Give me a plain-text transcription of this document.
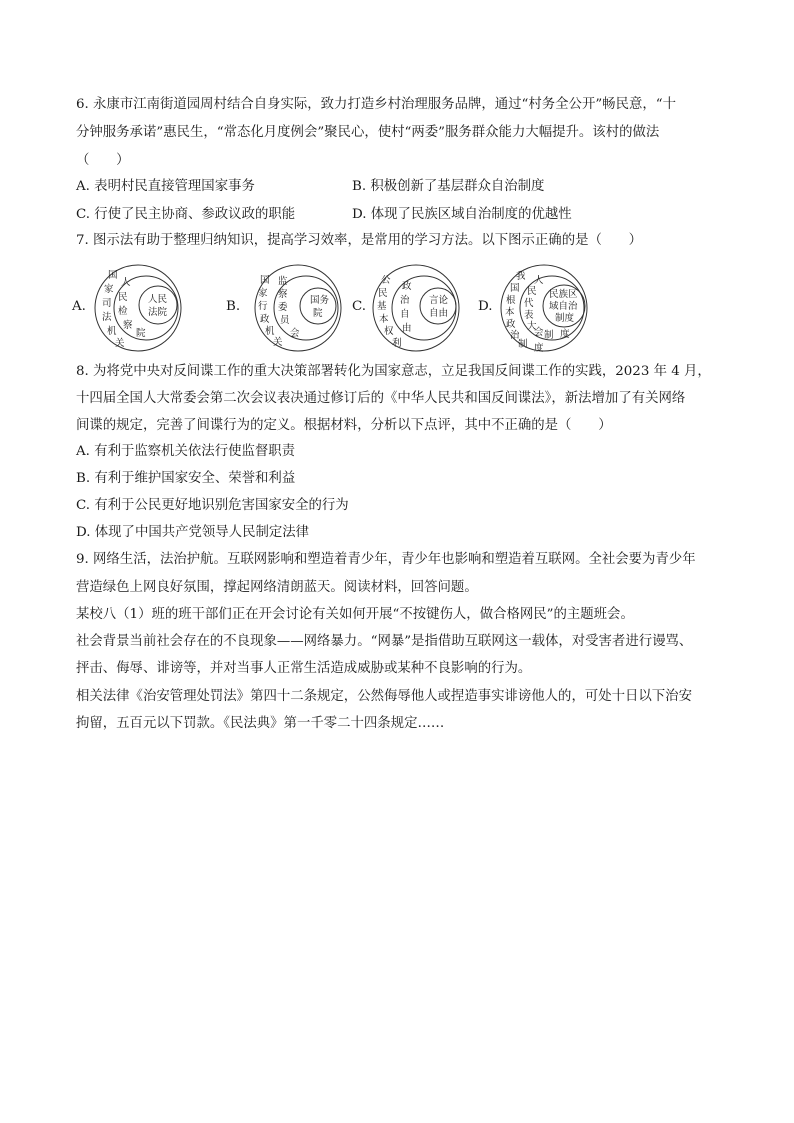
6. 永康市江南街道园周村结合自身实际，致力打造乡村治理服务品牌，通过“村务全公开”畅民意，“十
分钟服务承诺”惠民生，“常态化月度例会”聚民心，使村“两委”服务群众能力大幅提升。该村的做法
（　　）
A. 表明村民直接管理国家事务	B. 积极创新了基层群众自治制度
C. 行使了民主协商、参政议政的职能	D. 体现了民族区域自治制度的优越性
7. 图示法有助于整理归纳知识，提高学习效率，是常用的学习方法。以下图示正确的是（　　）
A.
国
家
司
法
机
关
人
民
检
察
院
人民
法院	B.
国
家
行
政
机
关
监
察
委
员
会
国务
院 C.
公
民
基
本
权
利
政
治
自
由
言论
自由 D.
我
国
根
本
政
治
制 度
人
民
代
表
大
会 制 度
民族区
域自治
制度
8. 为将党中央对反间谍工作的重大决策部署转化为国家意志，立足我国反间谍工作的实践，2023 年 4 月，
十四届全国人大常委会第二次会议表决通过修订后的《中华人民共和国反间谍法》，新法增加了有关网络
间谍的规定，完善了间谍行为的定义。根据材料，分析以下点评，其中不正确的是（　　）
A. 有利于监察机关依法行使监督职责
B. 有利于维护国家安全、荣誉和利益
C. 有利于公民更好地识别危害国家安全的行为
D. 体现了中国共产党领导人民制定法律
9. 网络生活，法治护航。互联网影响和塑造着青少年，青少年也影响和塑造着互联网。全社会要为青少年
营造绿色上网良好氛围，撑起网络清朗蓝天。阅读材料，回答问题。
某校八（1）班的班干部们正在开会讨论有关如何开展“不按键伤人，做合格网民”的主题班会。
社会背景当前社会存在的不良现象——网络暴力。“网暴”是指借助互联网这一载体，对受害者进行谩骂、
抨击、侮辱、诽谤等，并对当事人正常生活造成威胁或某种不良影响的行为。
相关法律《治安管理处罚法》第四十二条规定，公然侮辱他人或捏造事实诽谤他人的，可处十日以下治安
拘留，五百元以下罚款。《民法典》第一千零二十四条规定……
